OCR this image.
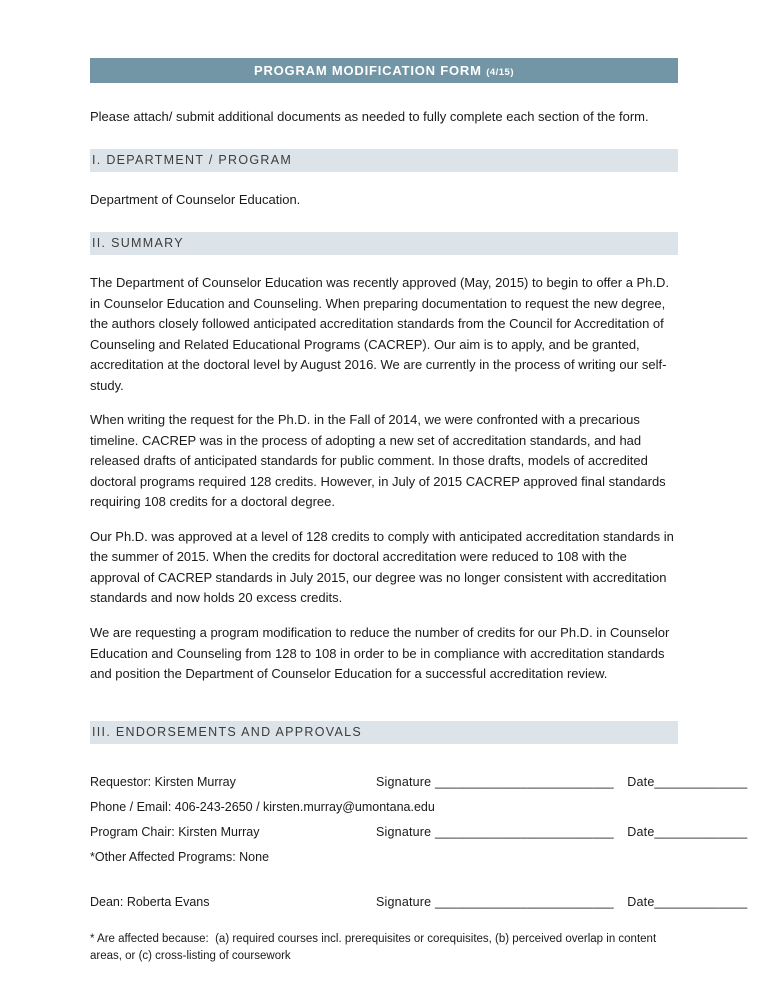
PROGRAM MODIFICATION FORM (4/15)

Please attach/ submit additional documents as needed to fully complete each section of the form.

I. DEPARTMENT / PROGRAM

Department of Counselor Education.

II. SUMMARY

The Department of Counselor Education was recently approved (May, 2015) to begin to offer a Ph.D. in Counselor Education and Counseling. When preparing documentation to request the new degree, the authors closely followed anticipated accreditation standards from the Council for Accreditation of Counseling and Related Educational Programs (CACREP). Our aim is to apply, and be granted, accreditation at the doctoral level by August 2016. We are currently in the process of writing our self-study.

When writing the request for the Ph.D. in the Fall of 2014, we were confronted with a precarious timeline. CACREP was in the process of adopting a new set of accreditation standards, and had released drafts of anticipated standards for public comment. In those drafts, models of accredited doctoral programs required 128 credits. However, in July of 2015 CACREP approved final standards requiring 108 credits for a doctoral degree.

Our Ph.D. was approved at a level of 128 credits to comply with anticipated accreditation standards in the summer of 2015. When the credits for doctoral accreditation were reduced to 108 with the approval of CACREP standards in July 2015, our degree was no longer consistent with accreditation standards and now holds 20 excess credits.

We are requesting a program modification to reduce the number of credits for our Ph.D. in Counselor Education and Counseling from 128 to 108 in order to be in compliance with accreditation standards and position the Department of Counselor Education for a successful accreditation review.

III. ENDORSEMENTS AND APPROVALS
Requestor: Kirsten Murray	Signature _________________________ Date_____________
Phone / Email: 406-243-2650 / kirsten.murray@umontana.edu
Program Chair: Kirsten Murray	Signature _________________________ Date_____________
*Other Affected Programs: None
Dean: Roberta Evans	Signature _________________________ Date_____________

* Are affected because:  (a) required courses incl. prerequisites or corequisites, (b) perceived overlap in content areas, or (c) cross-listing of coursework
